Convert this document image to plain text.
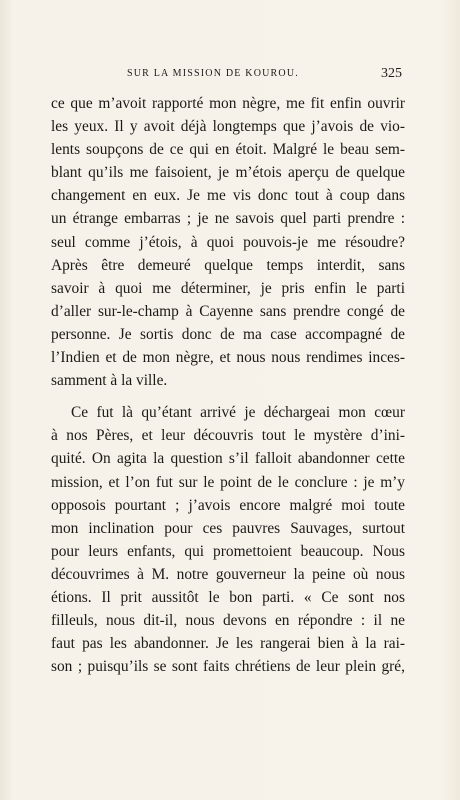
SUR LA MISSION DE KOUROU.	325
ce que m’avoit rapporté mon nègre, me fit enfin ouvrir
les yeux. Il y avoit déjà longtemps que j’avois de vio-
lents soupçons de ce qui en étoit. Malgré le beau sem-
blant qu’ils me faisoient, je m’étois aperçu de quelque
changement en eux. Je me vis donc tout à coup dans
un étrange embarras ; je ne savois quel parti prendre :
seul comme j’étois, à quoi pouvois-je me résoudre?
Après être demeuré quelque temps interdit, sans
savoir à quoi me déterminer, je pris enfin le parti
d’aller sur-le-champ à Cayenne sans prendre congé de
personne. Je sortis donc de ma case accompagné de
l’Indien et de mon nègre, et nous nous rendimes inces-
samment à la ville.
Ce fut là qu’étant arrivé je déchargeai mon cœur
à nos Pères, et leur découvris tout le mystère d’ini-
quité. On agita la question s’il falloit abandonner cette
mission, et l’on fut sur le point de le conclure : je m’y
opposois pourtant ; j’avois encore malgré moi toute
mon inclination pour ces pauvres Sauvages, surtout
pour leurs enfants, qui promettoient beaucoup. Nous
découvrimes à M. notre gouverneur la peine où nous
étions. Il prit aussitôt le bon parti. « Ce sont nos
filleuls, nous dit-il, nous devons en répondre : il ne
faut pas les abandonner. Je les rangerai bien à la rai-
son ; puisqu’ils se sont faits chrétiens de leur plein gré,
